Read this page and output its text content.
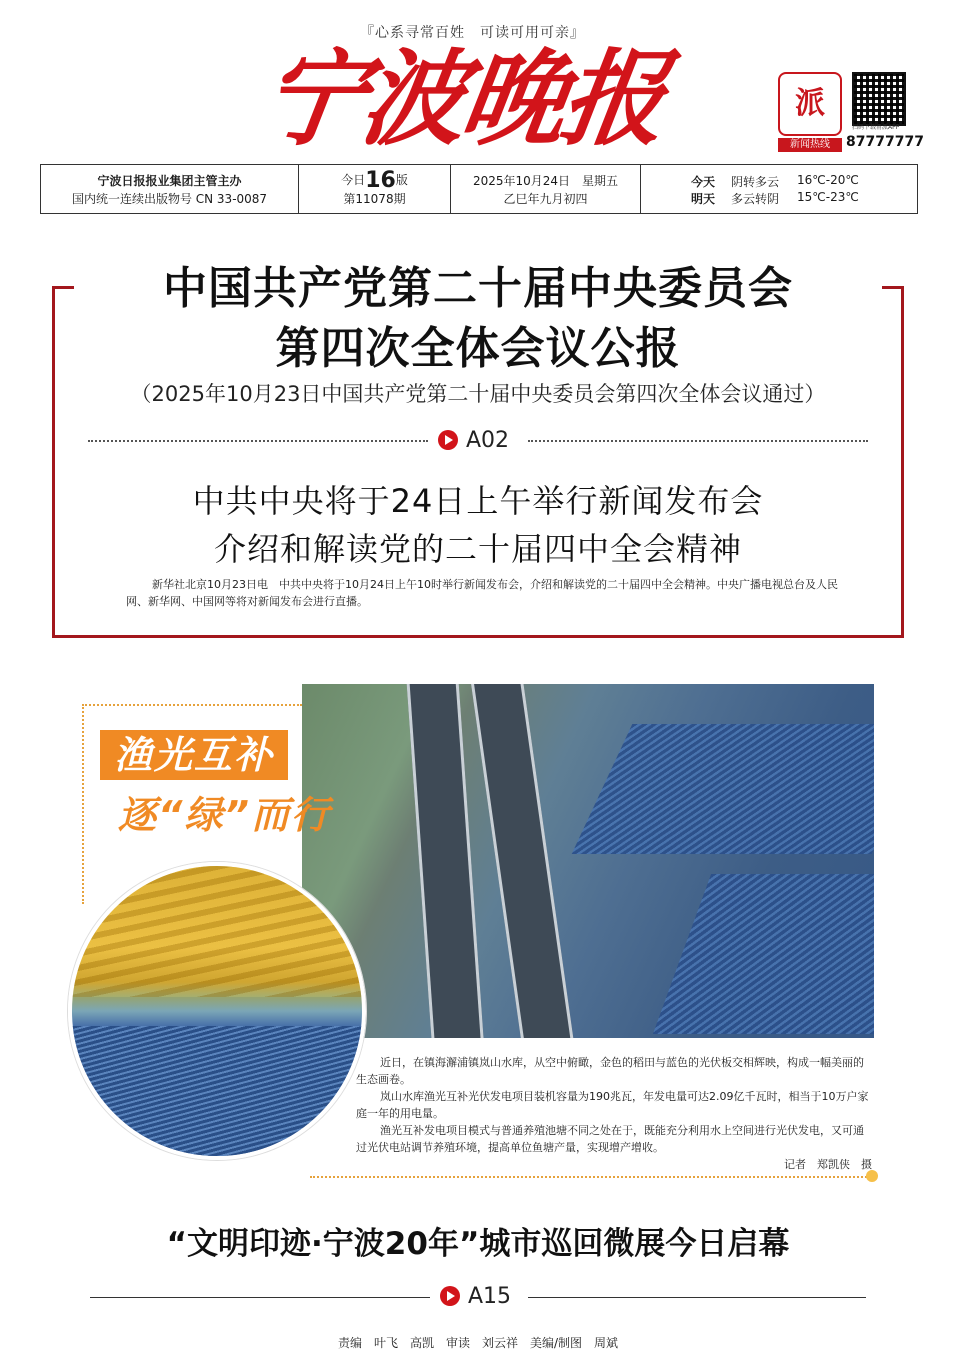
『心系寻常百姓　可读可用可亲』
宁波晚报	派
新闻热线
扫码下载甬派APP
87777777
宁波日报报业集团主管主办
国内统一连续出版物号 CN 33-0087
今日16版
第11078期
2025年10月24日　星期五
乙巳年九月初四
今天 阴转多云 16℃-20℃
明天 多云转阴 15℃-23℃
中国共产党第二十届中央委员会
第四次全体会议公报
（2025年10月23日中国共产党第二十届中央委员会第四次全体会议通过）
A02
中共中央将于24日上午举行新闻发布会
介绍和解读党的二十届四中全会精神

新华社北京10月23日电　中共中央将于10月24日上午10时举行新闻发布会，介绍和解读党的二十届四中全会精神。中央广播电视总台及人民网、新华网、中国网等将对新闻发布会进行直播。

渔光互补
逐“绿”而行

近日，在镇海澥浦镇岚山水库，从空中俯瞰，金色的稻田与蓝色的光伏板交相辉映，构成一幅美丽的生态画卷。

岚山水库渔光互补光伏发电项目装机容量为190兆瓦，年发电量可达2.09亿千瓦时，相当于10万户家庭一年的用电量。

渔光互补发电项目模式与普通养殖池塘不同之处在于，既能充分利用水上空间进行光伏发电，又可通过光伏电站调节养殖环境，提高单位鱼塘产量，实现增产增收。

记者　郑凯侠　摄
“文明印迹·宁波20年”城市巡回微展今日启幕
A15
责编　叶飞　高凯　审读　刘云祥　美编/制图　周斌
